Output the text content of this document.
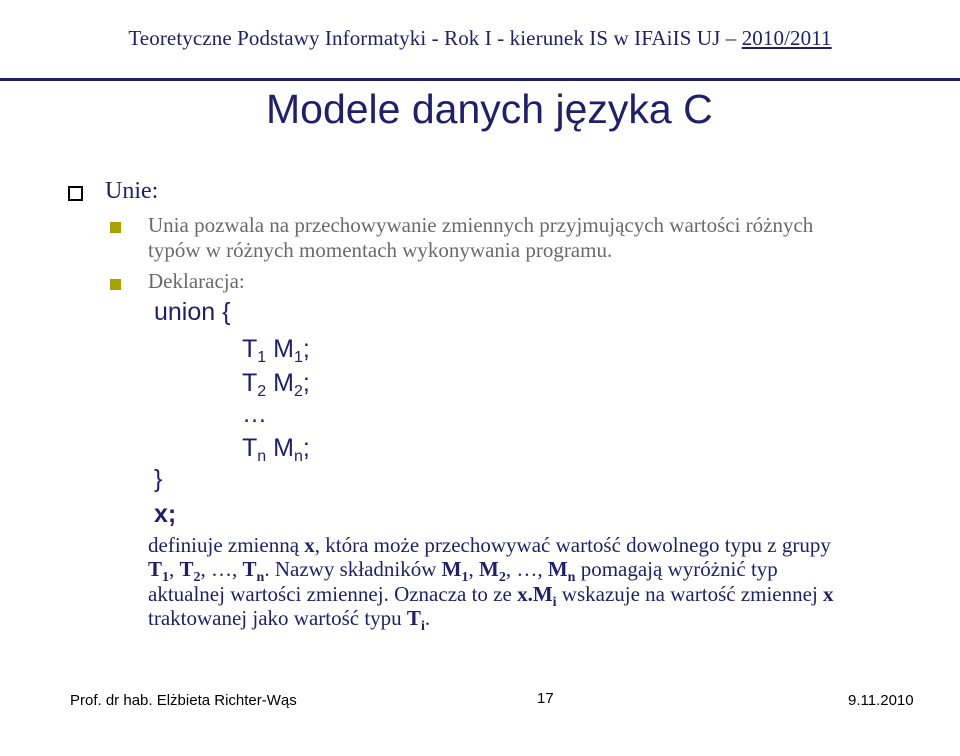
Teoretyczne Podstawy Informatyki - Rok I - kierunek IS w IFAiIS UJ – 2010/2011
Modele danych języka C
Unie:
Unia pozwala na przechowywanie zmiennych przyjmujących wartości różnych
typów w różnych momentach wykonywania programu.
Deklaracja:
union {
$T_1$ $M_1$;
$T_2$ $M_2$;
…
$T_n$ $M_n$;
}
x;
definiuje zmienną x, która może przechowywać wartość dowolnego typu z grupy
$T_1$, $T_2$, …, $T_n$. Nazwy składników $M_1$, $M_2$, …, $M_n$ pomagają wyróżnić typ
aktualnej wartości zmiennej. Oznacza to ze $x.M_i$ wskazuje na wartość zmiennej x
traktowanej jako wartość typu $T_i$.
Prof. dr hab. Elżbieta Richter-Wąs	17	9.11.2010
